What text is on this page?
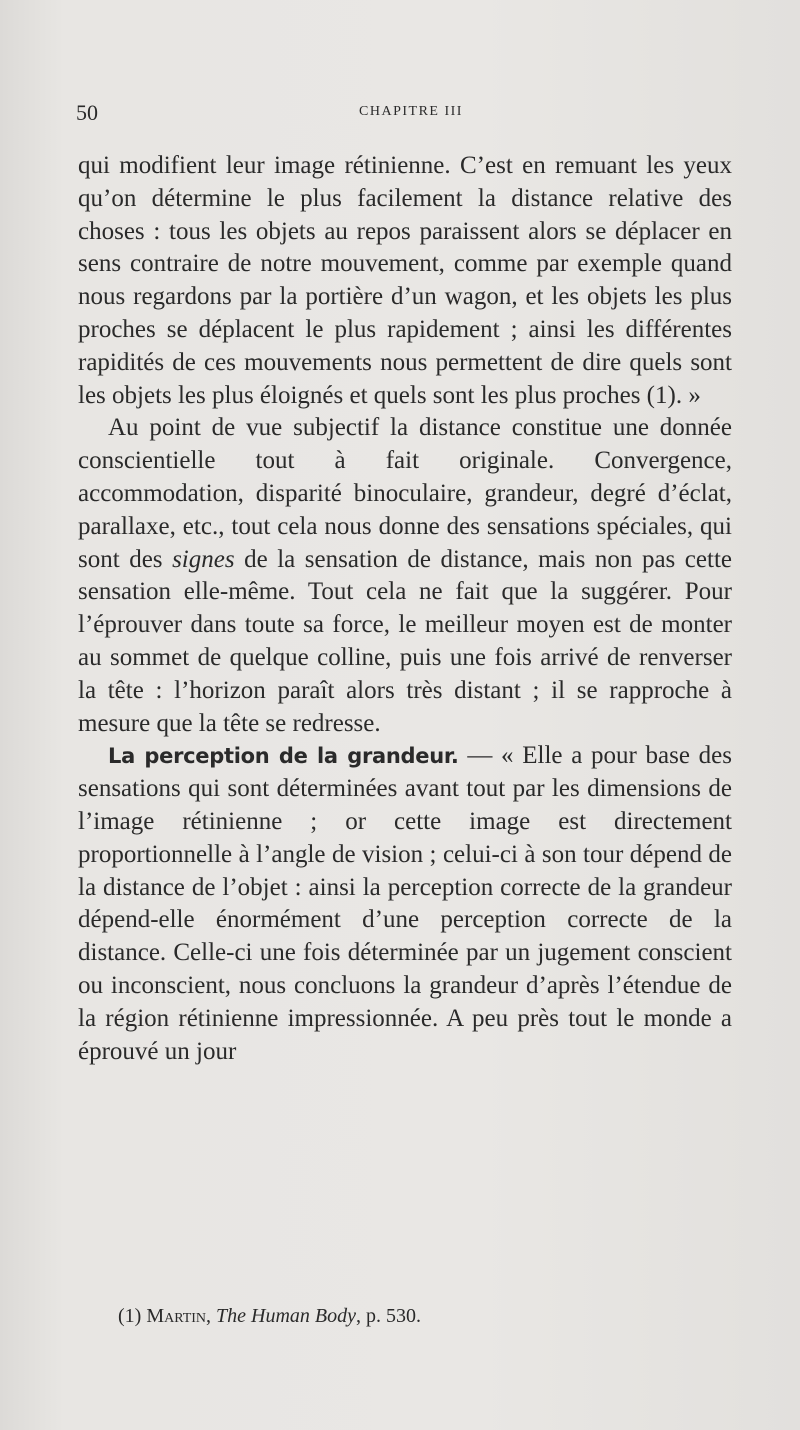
50	CHAPITRE III

qui modifient leur image rétinienne. C’est en remuant les yeux qu’on détermine le plus facilement la distance relative des choses : tous les objets au repos paraissent alors se déplacer en sens contraire de notre mouvement, comme par exemple quand nous regardons par la portière d’un wagon, et les objets les plus proches se déplacent le plus rapidement ; ainsi les différentes rapidités de ces mouvements nous permettent de dire quels sont les objets les plus éloignés et quels sont les plus proches (1). »

Au point de vue subjectif la distance constitue une donnée conscientielle tout à fait originale. Convergence, accommodation, disparité binoculaire, grandeur, degré d’éclat, parallaxe, etc., tout cela nous donne des sensations spéciales, qui sont des signes de la sensation de distance, mais non pas cette sensation elle-même. Tout cela ne fait que la suggérer. Pour l’éprouver dans toute sa force, le meilleur moyen est de monter au sommet de quelque colline, puis une fois arrivé de renverser la tête : l’horizon paraît alors très distant ; il se rapproche à mesure que la tête se redresse.

La perception de la grandeur. — « Elle a pour base des sensations qui sont déterminées avant tout par les dimensions de l’image rétinienne ; or cette image est directement proportionnelle à l’angle de vision ; celui-ci à son tour dépend de la distance de l’objet : ainsi la perception correcte de la grandeur dépend-elle énormément d’une perception correcte de la distance. Celle-ci une fois déterminée par un jugement conscient ou inconscient, nous concluons la grandeur d’après l’étendue de la région rétinienne impressionnée. A peu près tout le monde a éprouvé un jour

(1) Martin, The Human Body, p. 530.
